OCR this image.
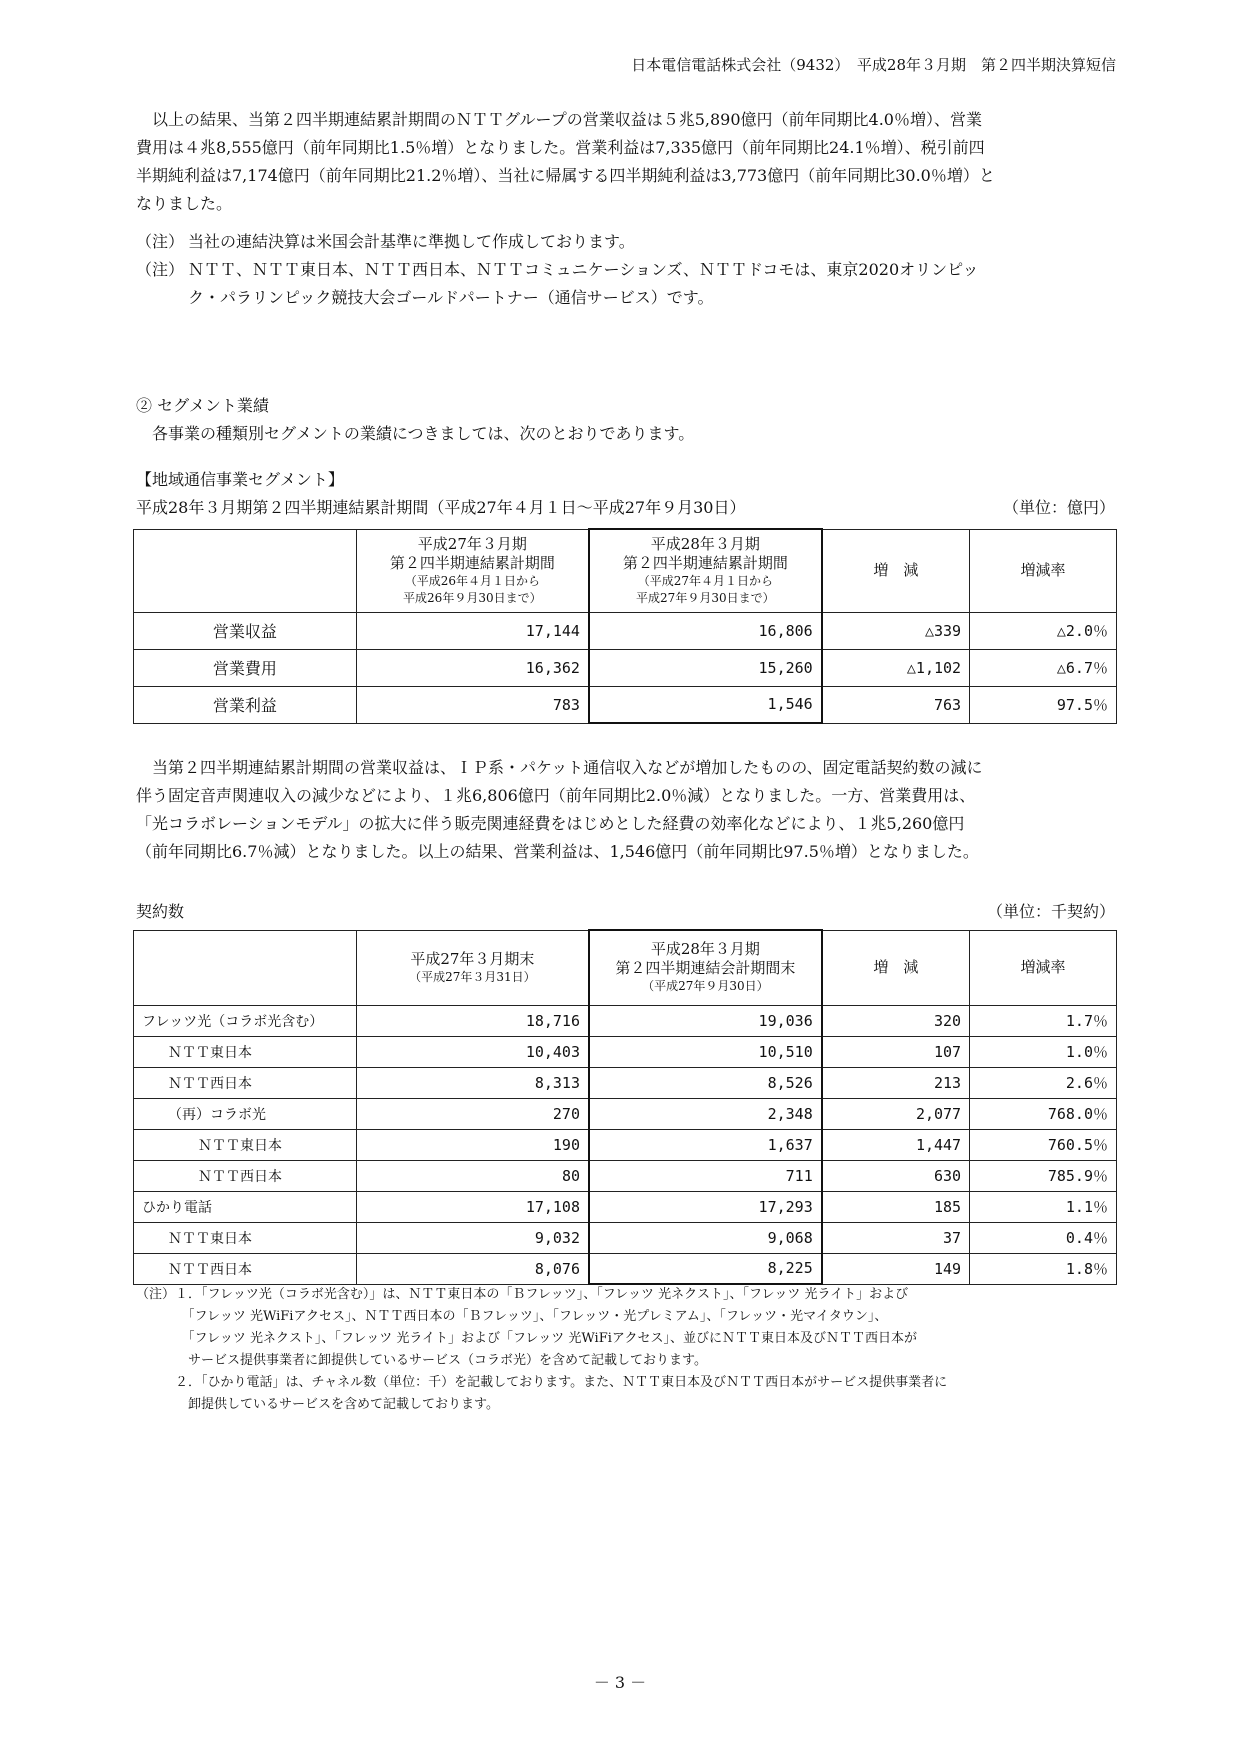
日本電信電話株式会社（9432）　平成28年３月期　第２四半期決算短信

　以上の結果、当第２四半期連結累計期間のＮＴＴグループの営業収益は５兆5,890億円（前年同期比4.0％増）、営業

費用は４兆8,555億円（前年同期比1.5％増）となりました。営業利益は7,335億円（前年同期比24.1％増）、税引前四

半期純利益は7,174億円（前年同期比21.2％増）、当社に帰属する四半期純利益は3,773億円（前年同期比30.0％増）と

なりました。

（注） 当社の連結決算は米国会計基準に準拠して作成しております。
（注） ＮＴＴ、ＮＴＴ東日本、ＮＴＴ西日本、ＮＴＴコミュニケーションズ、ＮＴＴドコモは、東京2020オリンピッ
ク・パラリンピック競技大会ゴールドパートナー（通信サービス）です。
② セグメント業績
　各事業の種類別セグメントの業績につきましては、次のとおりであります。
【地域通信事業セグメント】
平成28年３月期第２四半期連結累計期間（平成27年４月１日～平成27年９月30日）	（単位：億円）

	平成27年３月期
第２四半期連結累計期間
（平成26年４月１日から
平成26年９月30日まで）	平成28年３月期
第２四半期連結累計期間
（平成27年４月１日から
平成27年９月30日まで）	増　減	増減率

営業収益	17,144	16,806	△339	△2.0％
営業費用	16,362	15,260	△1,102	△6.7％
営業利益	783	1,546	763	97.5％

　当第２四半期連結累計期間の営業収益は、ＩＰ系・パケット通信収入などが増加したものの、固定電話契約数の減に

伴う固定音声関連収入の減少などにより、１兆6,806億円（前年同期比2.0％減）となりました。一方、営業費用は、

「光コラボレーションモデル」の拡大に伴う販売関連経費をはじめとした経費の効率化などにより、１兆5,260億円

（前年同期比6.7％減）となりました。以上の結果、営業利益は、1,546億円（前年同期比97.5％増）となりました。

契約数	（単位：千契約）

	平成27年３月期末
（平成27年３月31日）	平成28年３月期
第２四半期連結会計期間末
（平成27年９月30日）	増　減	増減率

フレッツ光（コラボ光含む）	18,716	19,036	320	1.7％
ＮＴＴ東日本	10,403	10,510	107	1.0％
ＮＴＴ西日本	8,313	8,526	213	2.6％
（再）コラボ光	270	2,348	2,077	768.0％
ＮＴＴ東日本	190	1,637	1,447	760.5％
ＮＴＴ西日本	80	711	630	785.9％
ひかり電話	17,108	17,293	185	1.1％
ＮＴＴ東日本	9,032	9,068	37	0.4％
ＮＴＴ西日本	8,076	8,225	149	1.8％
（注）１．「フレッツ光（コラボ光含む）」は、ＮＴＴ東日本の「Ｂフレッツ」、「フレッツ 光ネクスト」、「フレッツ 光ライト」および
　　　　「フレッツ 光WiFiアクセス」、ＮＴＴ西日本の「Ｂフレッツ」、「フレッツ・光プレミアム」、「フレッツ・光マイタウン」、
　　　　「フレッツ 光ネクスト」、「フレッツ 光ライト」および「フレッツ 光WiFiアクセス」、並びにＮＴＴ東日本及びＮＴＴ西日本が
　　　　サービス提供事業者に卸提供しているサービス（コラボ光）を含めて記載しております。
　　　２．「ひかり電話」は、チャネル数（単位：千）を記載しております。また、ＮＴＴ東日本及びＮＴＴ西日本がサービス提供事業者に
　　　　卸提供しているサービスを含めて記載しております。
－ 3 －
